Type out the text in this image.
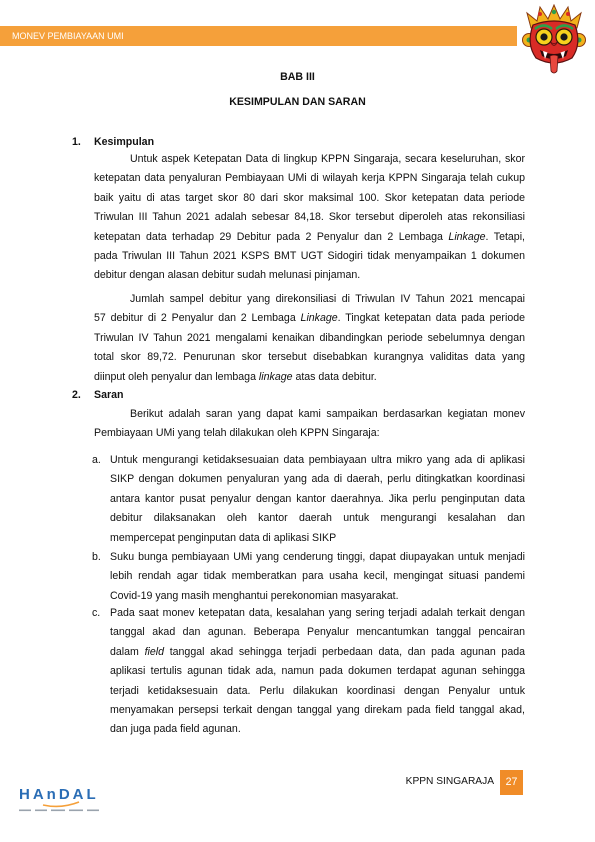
MONEV PEMBIAYAAN UMI
BAB III
KESIMPULAN DAN SARAN
1. Kesimpulan
Untuk aspek Ketepatan Data di lingkup KPPN Singaraja, secara keseluruhan, skor
ketepatan data penyaluran Pembiayaan UMi di wilayah kerja KPPN Singaraja telah cukup
baik yaitu di atas target skor 80 dari skor maksimal 100. Skor ketepatan data periode
Triwulan III Tahun 2021 adalah sebesar 84,18. Skor tersebut diperoleh atas rekonsiliasi
ketepatan data terhadap 29 Debitur pada 2 Penyalur dan 2 Lembaga Linkage. Tetapi,
pada Triwulan III Tahun 2021 KSPS BMT UGT Sidogiri tidak menyampaikan 1 dokumen
debitur dengan alasan debitur sudah melunasi pinjaman.
Jumlah sampel debitur yang direkonsiliasi di Triwulan IV Tahun 2021 mencapai
57 debitur di 2 Penyalur dan 2 Lembaga Linkage. Tingkat ketepatan data pada periode
Triwulan IV Tahun 2021 mengalami kenaikan dibandingkan periode sebelumnya dengan
total skor 89,72. Penurunan skor tersebut disebabkan kurangnya validitas data yang
diinput oleh penyalur dan lembaga linkage atas data debitur.
2. Saran
Berikut adalah saran yang dapat kami sampaikan berdasarkan kegiatan monev
Pembiayaan UMi yang telah dilakukan oleh KPPN Singaraja:
a. Untuk mengurangi ketidaksesuaian data pembiayaan ultra mikro yang ada di aplikasi
SIKP dengan dokumen penyaluran yang ada di daerah, perlu ditingkatkan koordinasi
antara kantor pusat penyalur dengan kantor daerahnya. Jika perlu penginputan data
debitur dilaksanakan oleh kantor daerah untuk mengurangi kesalahan dan
mempercepat penginputan data di aplikasi SIKP
b. Suku bunga pembiayaan UMi yang cenderung tinggi, dapat diupayakan untuk menjadi
lebih rendah agar tidak memberatkan para usaha kecil, mengingat situasi pandemi
Covid-19 yang masih menghantui perekonomian masyarakat.
c. Pada saat monev ketepatan data, kesalahan yang sering terjadi adalah terkait dengan
tanggal akad dan agunan. Beberapa Penyalur mencantumkan tanggal pencairan
dalam field tanggal akad sehingga terjadi perbedaan data, dan pada agunan pada
aplikasi tertulis agunan tidak ada, namun pada dokumen terdapat agunan sehingga
terjadi ketidaksesuain data. Perlu dilakukan koordinasi dengan Penyalur untuk
menyamakan persepsi terkait dengan tanggal yang direkam pada field tanggal akad,
dan juga pada field agunan.
HAnDAL
KPPN SINGARAJA	27
